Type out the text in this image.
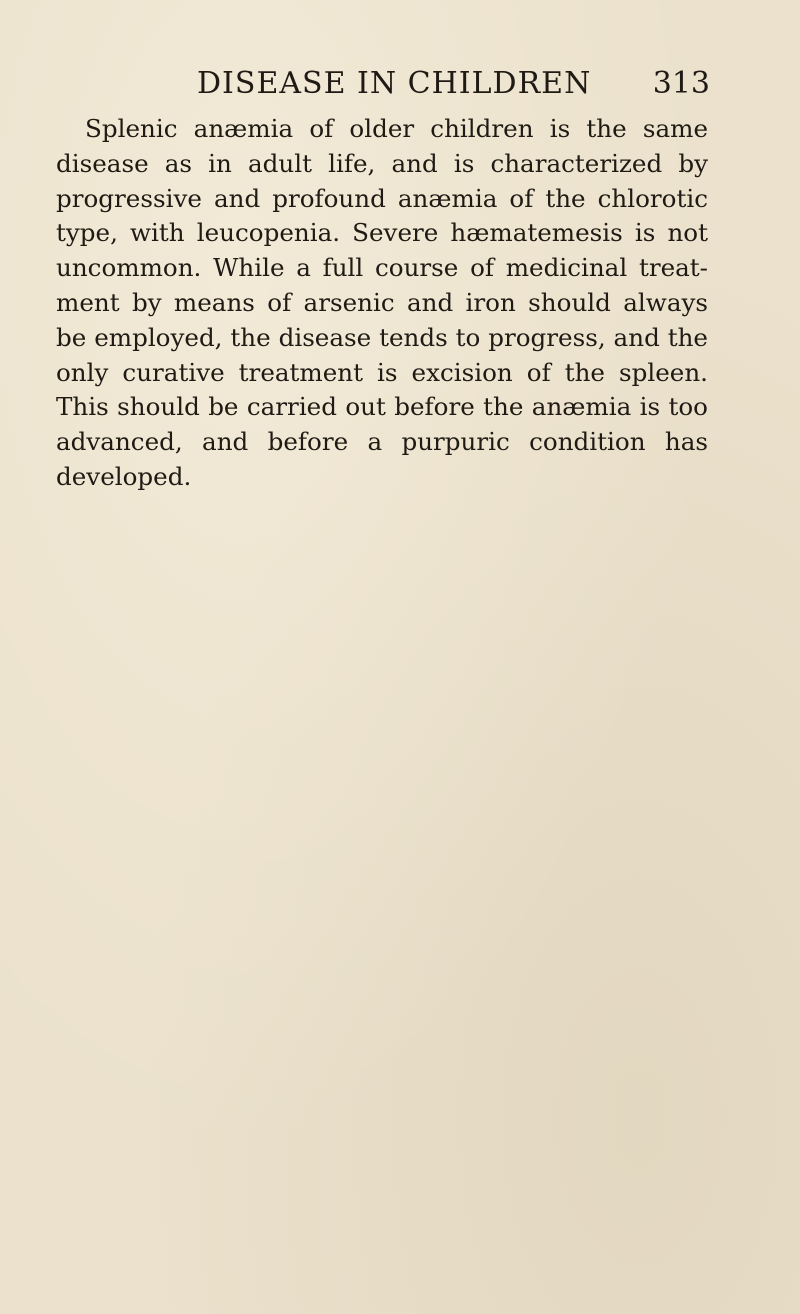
DISEASE IN CHILDREN 313

Splenic anæmia of older children is the same disease as in adult life, and is characterized by progressive and profound anæmia of the chlorotic type, with leucopenia. Severe hæmatemesis is not uncommon. While a full course of medicinal treat-ment by means of arsenic and iron should always be employed, the disease tends to progress, and the only curative treatment is excision of the spleen. This should be carried out before the anæmia is too advanced, and before a purpuric condition has developed.
